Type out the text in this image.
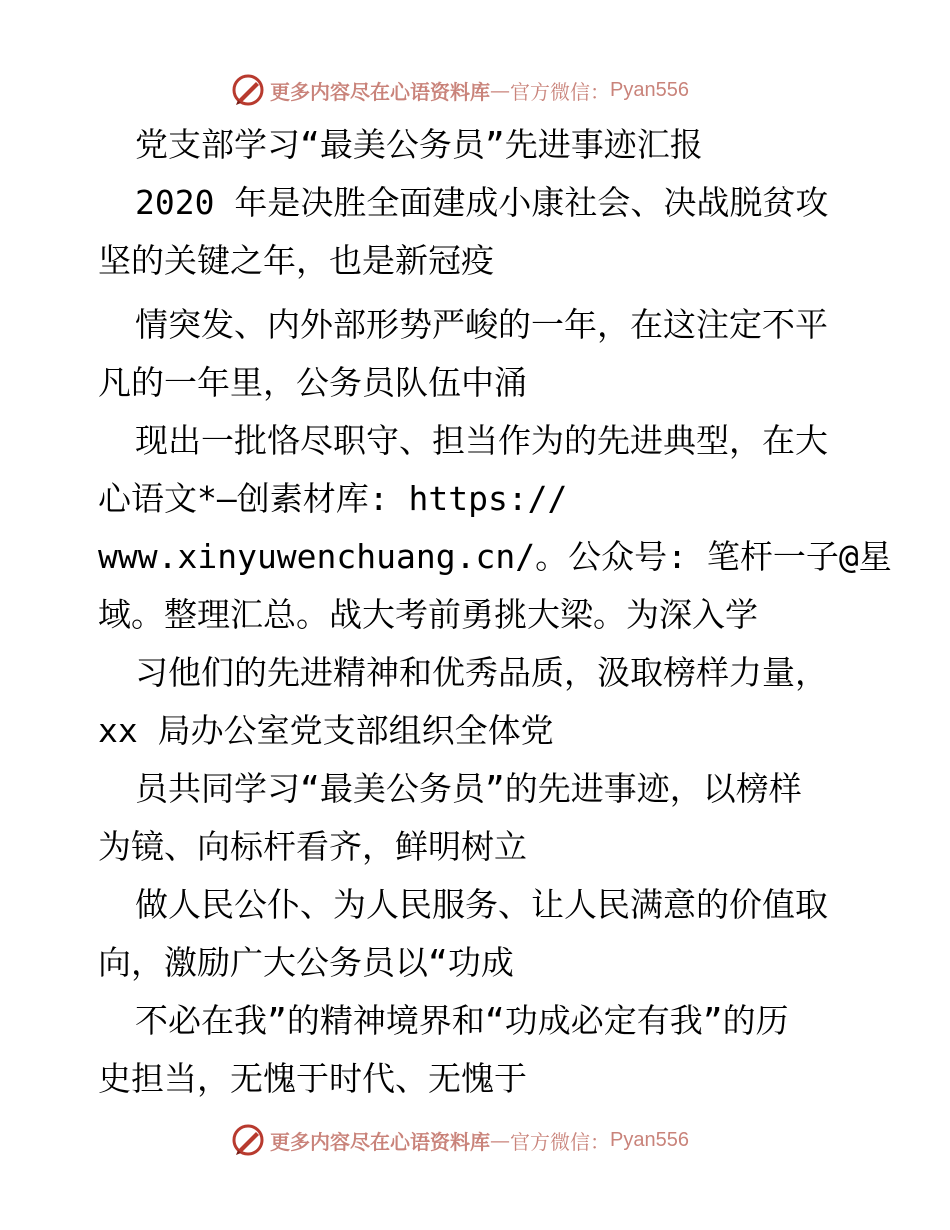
更多内容尽在心语资料库 — 官方微信： Pyan556
党支部学习“最美公务员”先进事迹汇报
2020 年是决胜全面建成小康社会、决战脱贫攻
坚的关键之年，也是新冠疫
情突发、内外部形势严峻的一年，在这注定不平
凡的一年里，公务员队伍中涌
现出一批恪尽职守、担当作为的先进典型，在大
心语文*—创素材库: https://
www.xinyuwenchuang.cn/。公众号: 笔杆一子@星
域。整理汇总。战大考前勇挑大梁。为深入学
习他们的先进精神和优秀品质，汲取榜样力量，
xx 局办公室党支部组织全体党
员共同学习“最美公务员”的先进事迹，以榜样
为镜、向标杆看齐，鲜明树立
做人民公仆、为人民服务、让人民满意的价值取
向，激励广大公务员以“功成
不必在我”的精神境界和“功成必定有我”的历
史担当，无愧于时代、无愧于
更多内容尽在心语资料库 — 官方微信： Pyan556
